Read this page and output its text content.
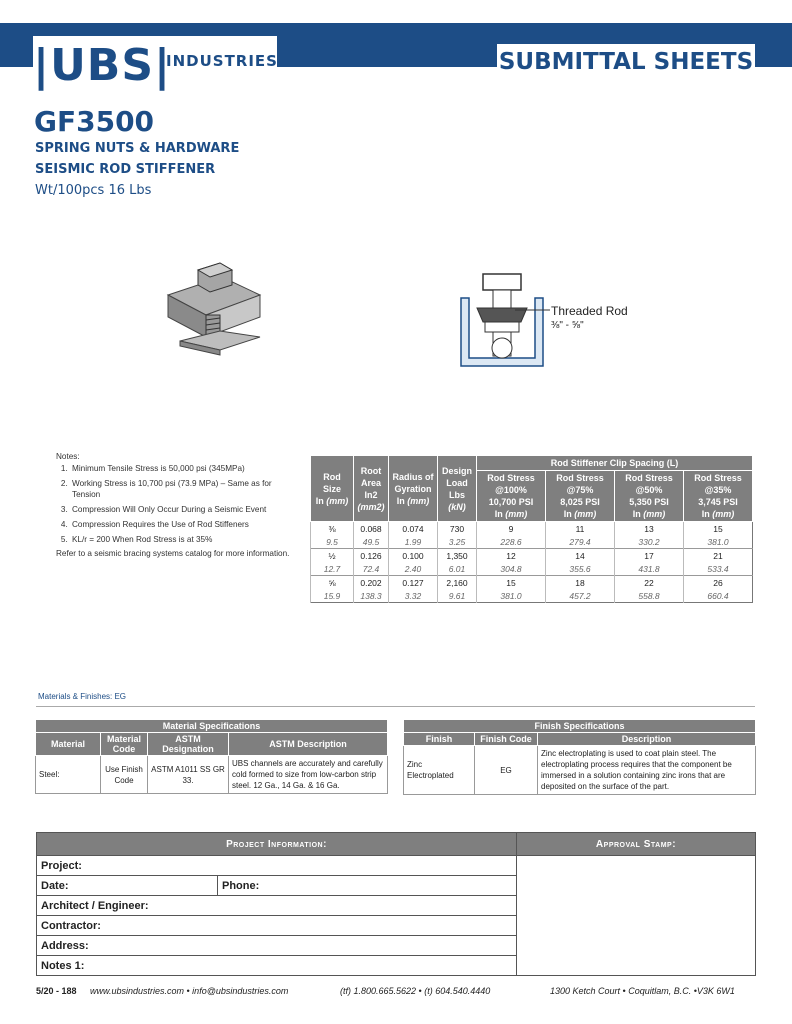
|UBS|
INDUSTRIES	SUBMITTAL SHEETS
GF3500
SPRING NUTS & HARDWARE
SEISMIC ROD STIFFENER
Wt/100pcs 16 Lbs
Threaded Rod
⅜" - ⅝"
Notes:
1. Minimum Tensile Stress is 50,000 psi (345MPa)
2. Working Stress is 10,700 psi (73.9 MPa) – Same as for Tension
3. Compression Will Only Occur During a Seismic Event
4. Compression Requires the Use of Rod Stiffeners
5. KL/r = 200 When Rod Stress is at 35%
Refer to a seismic bracing systems catalog for more information.
Rod
Size
In (mm)	Root
Area
In2
(mm2)	Radius of
Gyration
In (mm)	Design
Load
Lbs
(kN)	Rod Stiffener Clip Spacing (L)			
				Rod Stress
@100%
10,700 PSI
In (mm)	Rod Stress
@75%
8,025 PSI
In (mm)	Rod Stress
@50%
5,350 PSI
In (mm)	Rod Stress
@35%
3,745 PSI
In (mm)
⅜	0.068	0.074	730	9	11	13	15
9.5	49.5	1.99	3.25	228.6	279.4	330.2	381.0
½	0.126	0.100	1,350	12	14	17	21
12.7	72.4	2.40	6.01	304.8	355.6	431.8	533.4
⅝	0.202	0.127	2,160	15	18	22	26
15.9	138.3	3.32	9.61	381.0	457.2	558.8	660.4
Materials & Finishes: EG
Material Specifications			
Material	Material Code	ASTM Designation	ASTM Description
Steel:	Use Finish Code	ASTM A1011 SS GR 33.	UBS channels are accurately and carefully cold formed to size from low-carbon strip steel. 12 Ga., 14 Ga. & 16 Ga.
Finish Specifications		
Finish	Finish Code	Description
Zinc Electroplated	EG	Zinc electroplating is used to coat plain steel. The electroplating process requires that the component be immersed in a solution containing zinc irons that are deposited on the surface of the part.
Project Information:		Approval Stamp:
Project:		
Date:	Phone:	
Architect / Engineer:		
Contractor:		
Address:		
Notes 1:		
5/20 - 188 www.ubsindustries.com • info@ubsindustries.com	(tf) 1.800.665.5622 • (t) 604.540.4440	1300 Ketch Court • Coquitlam, B.C. •V3K 6W1
